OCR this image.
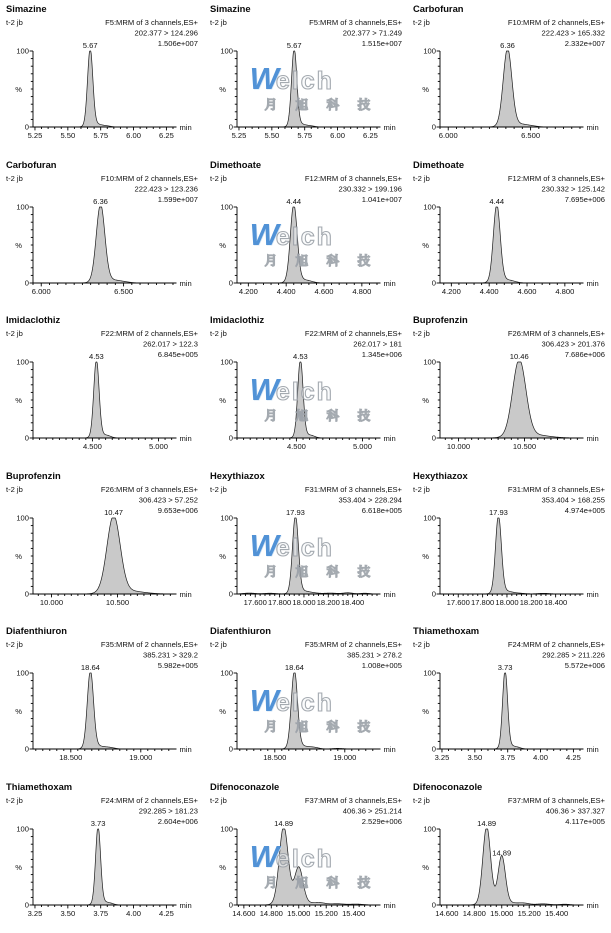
5.25 5.50 5.75 6.00 6.25
Simazine
t-2 jb	F5:MRM of 3 channels,ES+
202.377 > 124.296
1.506e+007
100
0
%
min
5.67
5.25 5.50 5.75 6.00 6.25
Simazine
t-2 jb	F5:MRM of 3 channels,ES+
202.377 > 71.249
1.515e+007
100
0
%
min
5.67
W
elch
月 旭 科 技
6.000	6.500
Carbofuran
t-2 jb	F10:MRM of 2 channels,ES+
222.423 > 165.332
2.332e+007
100
0
%
min
6.36
6.000	6.500
Carbofuran
t-2 jb	F10:MRM of 2 channels,ES+
222.423 > 123.236
1.599e+007
100
0
%
min
6.36
4.200 4.400 4.600 4.800
Dimethoate
t-2 jb	F12:MRM of 3 channels,ES+
230.332 > 199.196
1.041e+007
100
0
%
min
4.44
W
elch
月 旭 科 技
4.200 4.400 4.600 4.800
Dimethoate
t-2 jb	F12:MRM of 3 channels,ES+
230.332 > 125.142
7.695e+006
100
0
%
min
4.44
4.500	5.000
Imidaclothiz
t-2 jb	F22:MRM of 2 channels,ES+
262.017 > 122.3
6.845e+005
100
0
%
min
4.53
4.500	5.000
Imidaclothiz
t-2 jb	F22:MRM of 2 channels,ES+
262.017 > 181
1.345e+006
100
0
%
min
4.53
W
elch
月 旭 科 技
10.000	10.500
Buprofenzin
t-2 jb	F26:MRM of 3 channels,ES+
306.423 > 201.376
7.686e+006
100
0
%
min
10.46
10.000	10.500
Buprofenzin
t-2 jb	F26:MRM of 3 channels,ES+
306.423 > 57.252
9.653e+006
100
0
%
min
10.47
17.600 17.800 18.000 18.200 18.400
Hexythiazox
t-2 jb	F31:MRM of 3 channels,ES+
353.404 > 228.294
6.618e+005
100
0
%
min
17.93
W
elch
月 旭 科 技
17.600 17.800 18.000 18.200 18.400
Hexythiazox
t-2 jb	F31:MRM of 3 channels,ES+
353.404 > 168.255
4.974e+005
100
0
%
min
17.93
18.500	19.000
Diafenthiuron
t-2 jb	F35:MRM of 2 channels,ES+
385.231 > 329.2
5.982e+005
100
0
%
min
18.64
18.500	19.000
Diafenthiuron
t-2 jb	F35:MRM of 2 channels,ES+
385.231 > 278.2
1.008e+005
100
0
%
min
18.64
W
elch
月 旭 科 技
3.25 3.50 3.75 4.00 4.25
Thiamethoxam
t-2 jb	F24:MRM of 2 channels,ES+
292.285 > 211.226
5.572e+006
100
0
%
min
3.73
3.25 3.50 3.75 4.00 4.25
Thiamethoxam
t-2 jb	F24:MRM of 2 channels,ES+
292.285 > 181.23
2.604e+006
100
0
%
min
3.73
14.600 14.800 15.000 15.200 15.400
Difenoconazole
t-2 jb	F37:MRM of 3 channels,ES+
406.36 > 251.214
2.529e+006
100
0
%
min
14.89
W
elch
月 旭 科 技
14.600 14.800 15.000 15.200 15.400
Difenoconazole
t-2 jb	F37:MRM of 3 channels,ES+
406.36 > 337.327
4.117e+005
100
0
%
min
14.89
14.89
